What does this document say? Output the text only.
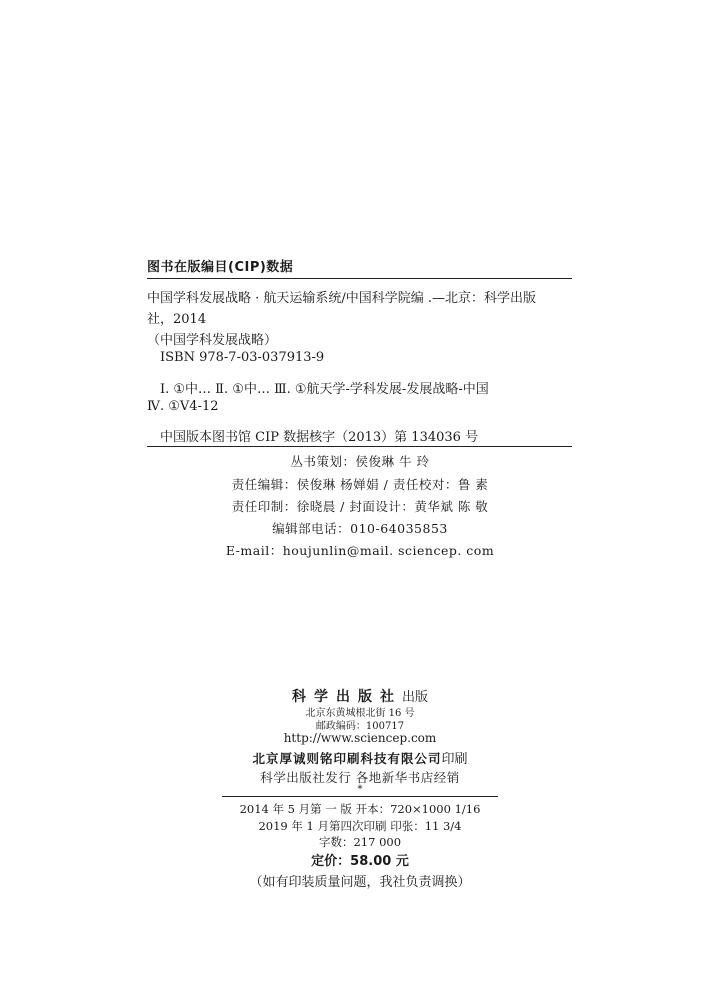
图书在版编目(CIP)数据
中国学科发展战略 · 航天运输系统/中国科学院编 .—北京：科学出版
社，2014
（中国学科发展战略）
ISBN 978-7-03-037913-9
Ⅰ. ①中… Ⅱ. ①中… Ⅲ. ①航天学-学科发展-发展战略-中国
Ⅳ. ①V4-12
中国版本图书馆 CIP 数据核字（2013）第 134036 号
丛书策划：侯俊琳 牛 玲
责任编辑：侯俊琳 杨婵娟 / 责任校对：鲁 素
责任印制：徐晓晨 / 封面设计：黄华斌 陈 敬
编辑部电话：010-64035853
E-mail：houjunlin@mail. sciencep. com
科学出版社出版
北京东黄城根北街 16 号
邮政编码：100717
http://www.sciencep.com
北京厚诚则铭印刷科技有限公司印刷
科学出版社发行 各地新华书店经销
*
2014 年 5 月第 一 版 开本：720×1000 1/16
2019 年 1 月第四次印刷 印张：11 3/4
字数：217 000
定价：58.00 元
（如有印装质量问题，我社负责调换）
